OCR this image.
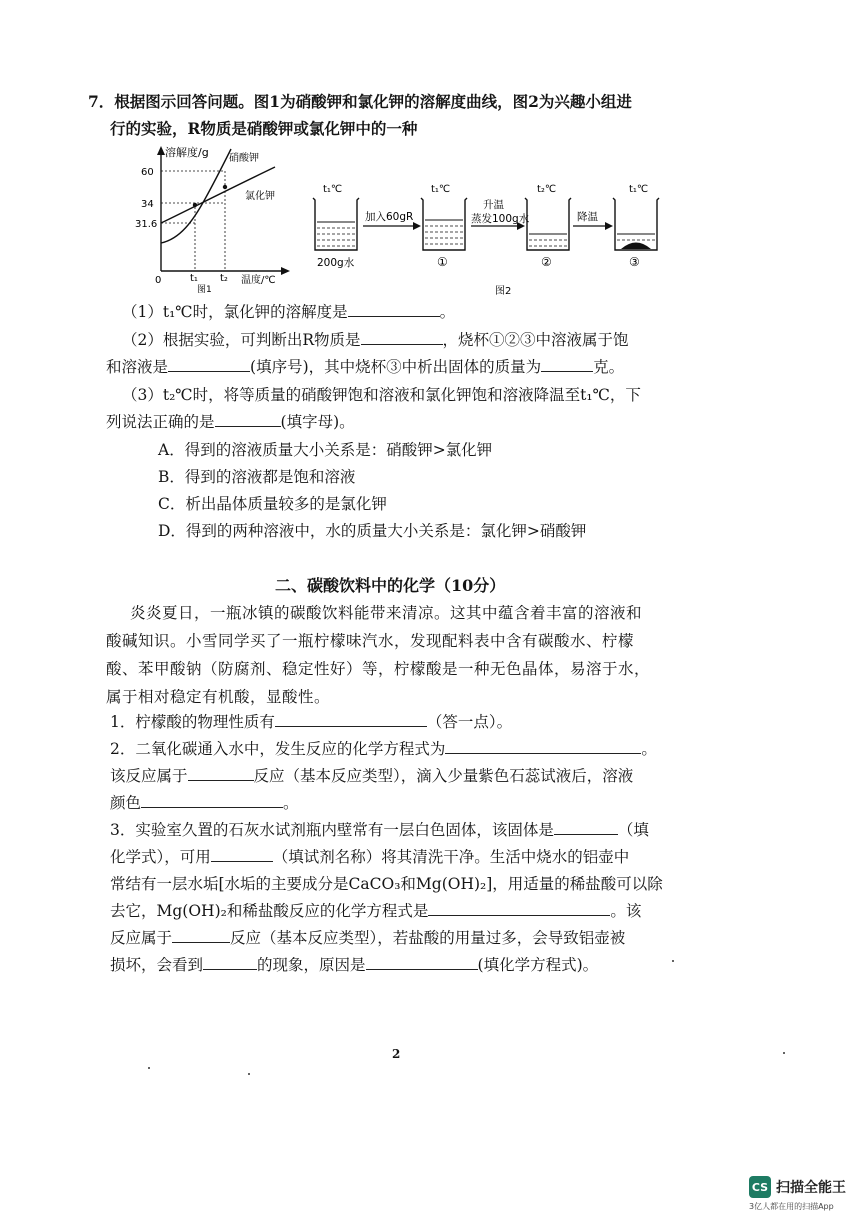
7．根据图示回答问题。图1为硝酸钾和氯化钾的溶解度曲线，图2为兴趣小组进
行的实验，R物质是硝酸钾或氯化钾中的一种
溶解度/g
60
34
31.6
硝酸钾
氯化钾
0	t₁ t₂ 温度/℃
图1
t₁℃	t₁℃	t₂℃	t₁℃
加入60gR
升温
蒸发100g水	降温
200g水	①	②	③
图2
（1）t₁℃时，氯化钾的溶解度是	。
（2）根据实验，可判断出R物质是	，烧杯①②③中溶液属于饱
和溶液是	(填序号)，其中烧杯③中析出固体的质量为	克。
（3）t₂℃时，将等质量的硝酸钾饱和溶液和氯化钾饱和溶液降温至t₁℃，下
列说法正确的是	(填字母)。
A．得到的溶液质量大小关系是：硝酸钾>氯化钾
B．得到的溶液都是饱和溶液
C．析出晶体质量较多的是氯化钾
D．得到的两种溶液中，水的质量大小关系是：氯化钾>硝酸钾
二、碳酸饮料中的化学（10分）
炎炎夏日，一瓶冰镇的碳酸饮料能带来清凉。这其中蕴含着丰富的溶液和
酸碱知识。小雪同学买了一瓶柠檬味汽水，发现配料表中含有碳酸水、柠檬
酸、苯甲酸钠（防腐剂、稳定性好）等，柠檬酸是一种无色晶体，易溶于水，
属于相对稳定有机酸，显酸性。
1．柠檬酸的物理性质有	（答一点）。
2．二氧化碳通入水中，发生反应的化学方程式为	。
该反应属于	反应（基本反应类型），滴入少量紫色石蕊试液后，溶液
颜色	。
3．实验室久置的石灰水试剂瓶内壁常有一层白色固体，该固体是	（填
化学式），可用	（填试剂名称）将其清洗干净。生活中烧水的铝壶中
常结有一层水垢[水垢的主要成分是CaCO₃和Mg(OH)₂]，用适量的稀盐酸可以除
去它，Mg(OH)₂和稀盐酸反应的化学方程式是	。该
反应属于	反应（基本反应类型），若盐酸的用量过多，会导致铝壶被
损坏，会看到	的现象，原因是	(填化学方程式)。
2
CS 扫描全能王
3亿人都在用的扫描App
